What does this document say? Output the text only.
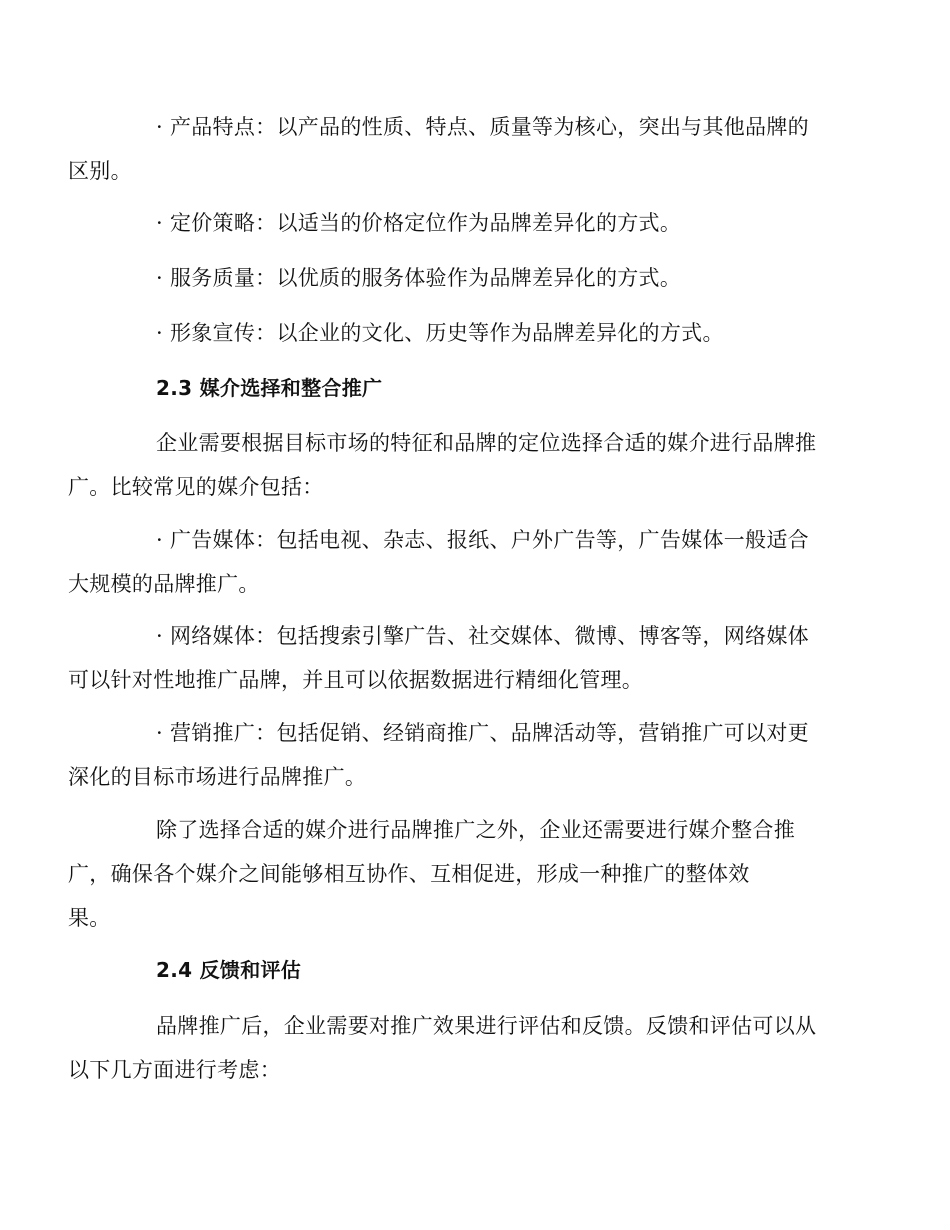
· 产品特点：以产品的性质、特点、质量等为核心，突出与其他品牌的
区别。

· 定价策略：以适当的价格定位作为品牌差异化的方式。

· 服务质量：以优质的服务体验作为品牌差异化的方式。

· 形象宣传：以企业的文化、历史等作为品牌差异化的方式。

2.3 媒介选择和整合推广

企业需要根据目标市场的特征和品牌的定位选择合适的媒介进行品牌推
广。比较常见的媒介包括：

· 广告媒体：包括电视、杂志、报纸、户外广告等，广告媒体一般适合
大规模的品牌推广。

· 网络媒体：包括搜索引擎广告、社交媒体、微博、博客等，网络媒体
可以针对性地推广品牌，并且可以依据数据进行精细化管理。

· 营销推广：包括促销、经销商推广、品牌活动等，营销推广可以对更
深化的目标市场进行品牌推广。

除了选择合适的媒介进行品牌推广之外，企业还需要进行媒介整合推
广，确保各个媒介之间能够相互协作、互相促进，形成一种推广的整体效
果。

2.4 反馈和评估

品牌推广后，企业需要对推广效果进行评估和反馈。反馈和评估可以从
以下几方面进行考虑：
